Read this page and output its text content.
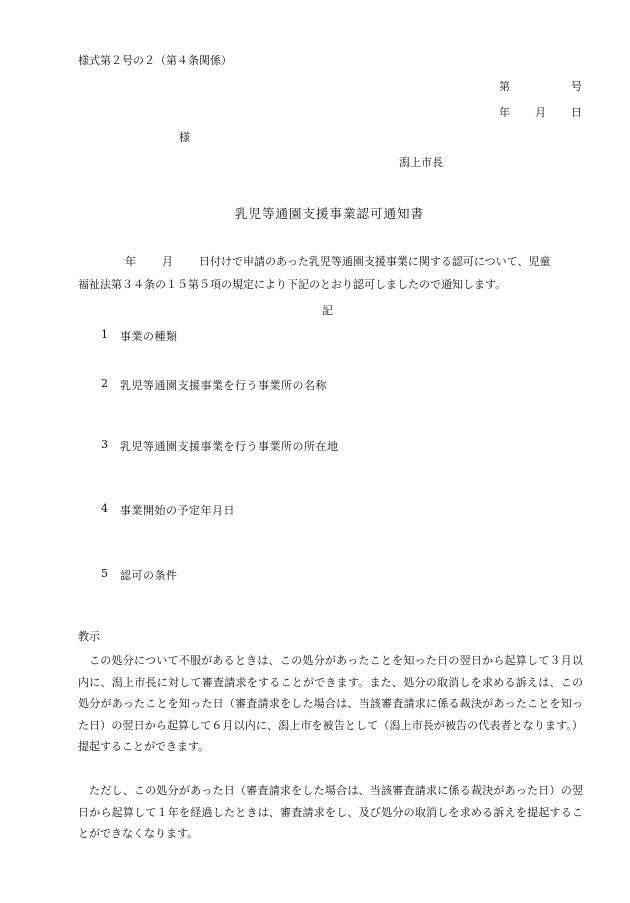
様式第２号の２（第４条関係）
第	号
年 月 日
様
潟上市長
乳児等通園支援事業認可通知書
年 月 日付けで申請のあった乳児等通園支援事業に関する認可について、児童
福祉法第３４条の１５第５項の規定により下記のとおり認可しましたので通知します。
記
1 事業の種類
2 乳児等通園支援事業を行う事業所の名称
3 乳児等通園支援事業を行う事業所の所在地
4 事業開始の予定年月日
5 認可の条件
教示
この処分について不服があるときは、この処分があったことを知った日の翌日から起算して３月以内に、潟上市長に対して審査請求をすることができます。また、処分の取消しを求める訴えは、この処分があったことを知った日（審査請求をした場合は、当該審査請求に係る裁決があったことを知った日）の翌日から起算して６月以内に、潟上市を被告として（潟上市長が被告の代表者となります。）提起することができます。
ただし、この処分があった日（審査請求をした場合は、当該審査請求に係る裁決があった日）の翌日から起算して１年を経過したときは、審査請求をし、及び処分の取消しを求める訴えを提起することができなくなります。
